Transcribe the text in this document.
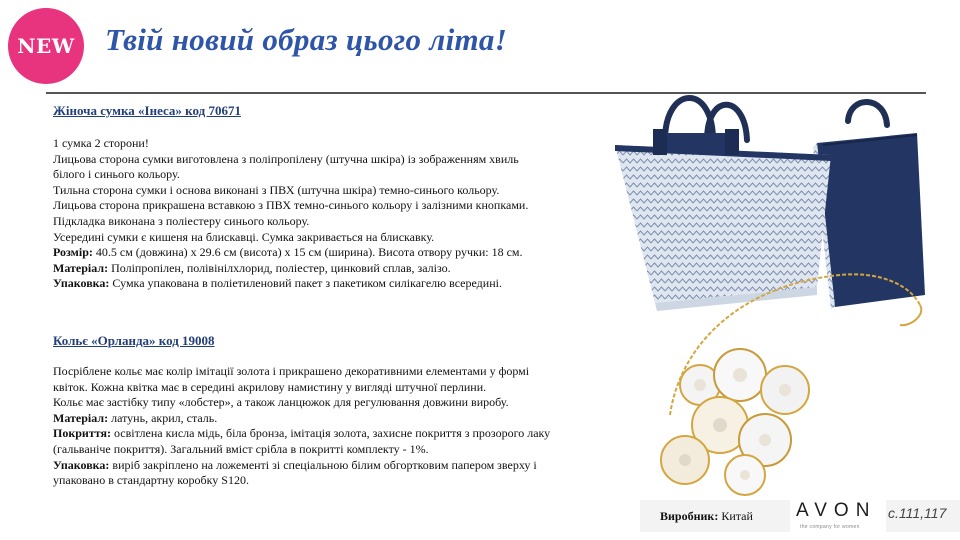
NEW Твій новий образ цього літа!
Жіноча сумка «Інеса» код 70671
1 сумка 2 сторони!
Лицьова сторона сумки виготовлена з поліпропілену (штучна шкіра) із зображенням хвиль
білого і синього кольору.
Тильна сторона сумки і основа виконані з ПВХ (штучна шкіра) темно-синього кольору.
Лицьова сторона прикрашена вставкою з ПВХ темно-синього кольору і залізними кнопками.
Підкладка виконана з поліестеру синього кольору.
Усередині сумки є кишеня на блискавці. Сумка закривається на блискавку.
Розмір: 40.5 см (довжина) x 29.6 см (висота) x 15 см (ширина). Висота отвору ручки: 18 см.
Матеріал: Поліпропілен, полівінілхлорид, поліестер, цинковий сплав, залізо.
Упаковка: Сумка упакована в поліетиленовий пакет з пакетиком силікагелю всередині.
Кольє «Орланда» код 19008
Посріблене кольє має колір імітації золота і прикрашено декоративними елементами у формі
квіток. Кожна квітка має в середині акрилову намистину у вигляді штучної перлини.
Кольє має застібку типу «лобстер», а також ланцюжок для регулювання довжини виробу.
Матеріал: латунь, акрил, сталь.
Покриття: освітлена кисла мідь, біла бронза, імітація золота, захисне покриття з прозорого лаку
(гальваніче покриття). Загальний вміст срібла в покритті комплекту - 1%.
Упаковка: виріб закріплено на ложементі зі спеціальною білим обгортковим папером зверху і
упаковано в стандартну коробку S120.
Виробник: Китай AVON
the company for women
с.111,117
